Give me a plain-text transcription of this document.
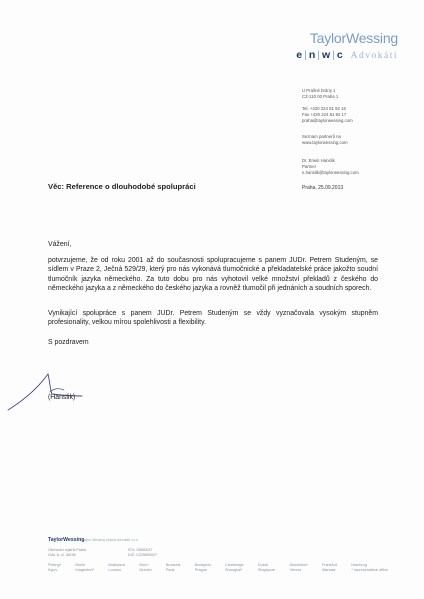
TaylorWessing
e|n|w|c Advokáti
U Prašné brány 1
CZ-110 00 Praha 1
Tel. +420 224 81 92 16
Fax +420 224 81 92 17
praha@taylorwessing.com
Seznam partnerů na
www.taylorwessing.com
Dr. Erwin Hanslik
Partner
e.hanslik@taylorwessing.com
Věc: Reference o dlouhodobé spolupráci	Praha, 25.09.2013

Vážení,

potvrzujeme, že od roku 2001 až do současnosti spolupracujeme s panem JUDr. Petrem Studeným, se sídlem v Praze 2, Ječná 529/29, který pro nás vykonává tlumočnické a překladatelské práce jakožto soudní tlumočník jazyka německého. Za tuto dobu pro nás vyhotovil velké množství překladů z českého do německého jazyka a z německého do českého jazyka a rovněž tlumočil při jednáních a soudních sporech.

Vynikající spolupráce s panem JUDr. Petrem Studeným se vždy vyznačovala vysokým stupněm profesionality, velkou mírou spolehlivosti a flexibility.

S pozdravem

(Hanslik)
TaylorWessing
Taylor Wessing e|n|w|c advokáti v.o.s.
Obchodní rejstřík Praha
Odd. A, vl. 38196
IČO: 25690027
DIČ: CZ25690027
Peking*
Kyjev
Berlin
Klagenfurt*
Bratislava
London
Brno*
Munich
Brussels
Paris
Budapest
Prague
Cambridge
Shanghai*
Dubai
Singapore
Düsseldorf
Vienna
Frankfurt
Warsaw
Hamburg
* representative office
